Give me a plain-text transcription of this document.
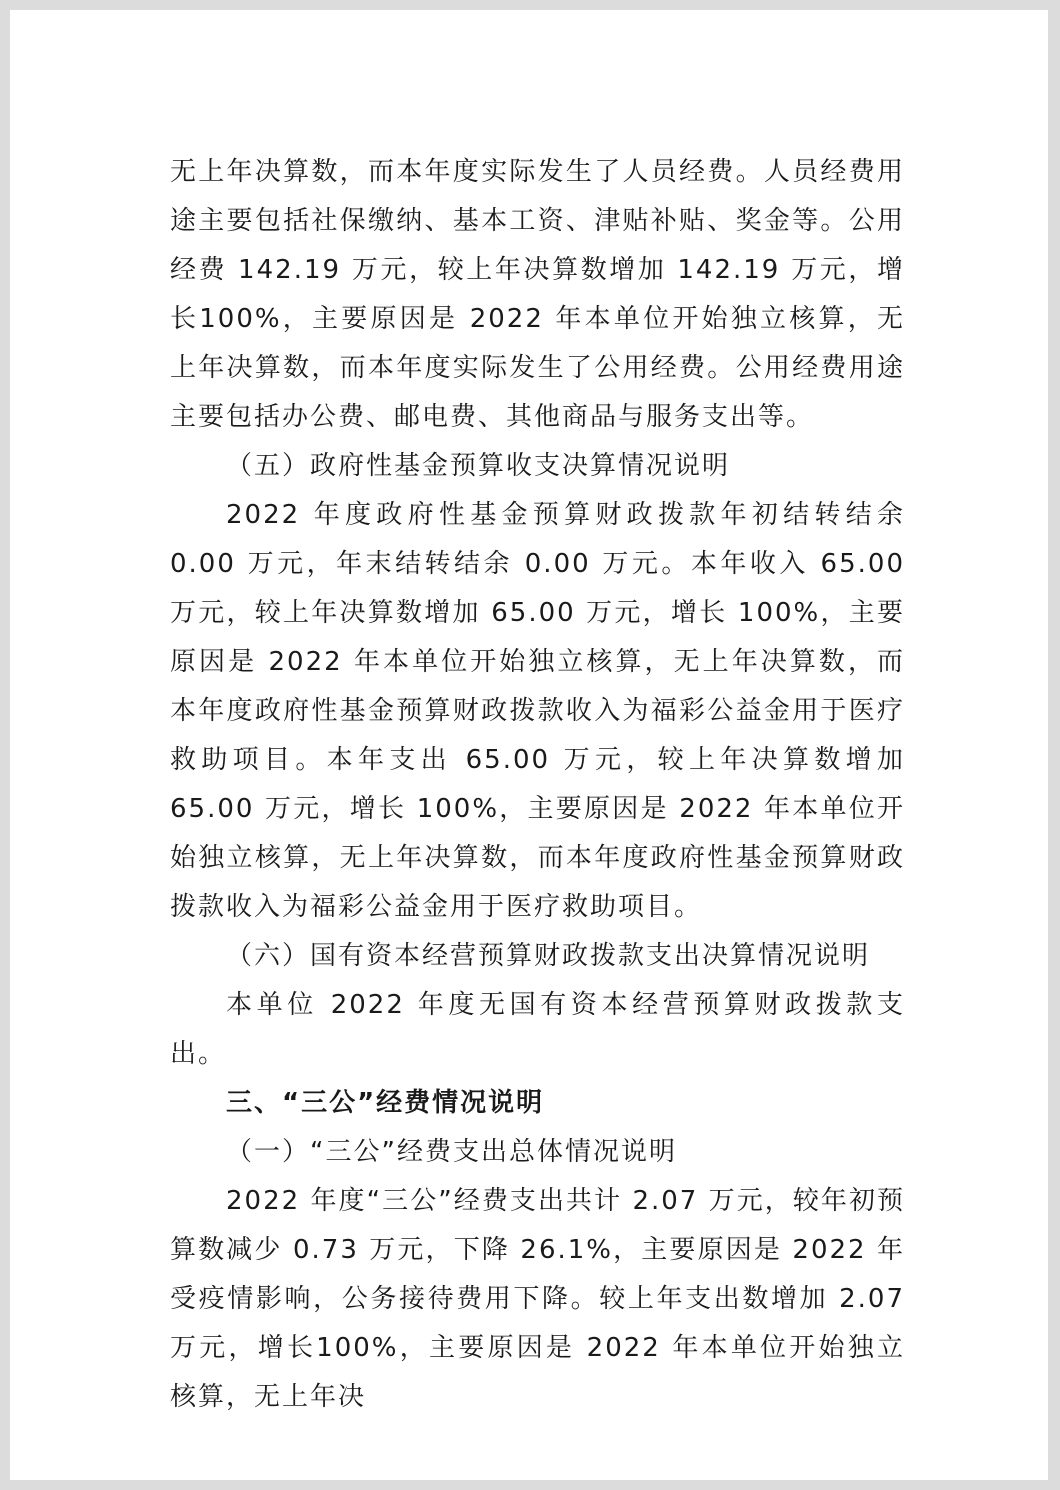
无上年决算数，而本年度实际发生了人员经费。人员经费用途主要包括社保缴纳、基本工资、津贴补贴、奖金等。公用经费 142.19 万元，较上年决算数增加 142.19 万元，增长100%，主要原因是 2022 年本单位开始独立核算，无上年决算数，而本年度实际发生了公用经费。公用经费用途主要包括办公费、邮电费、其他商品与服务支出等。

（五）政府性基金预算收支决算情况说明

2022 年度政府性基金预算财政拨款年初结转结余 0.00 万元，年末结转结余 0.00 万元。本年收入 65.00 万元，较上年决算数增加 65.00 万元，增长 100%，主要原因是 2022 年本单位开始独立核算，无上年决算数，而本年度政府性基金预算财政拨款收入为福彩公益金用于医疗救助项目。本年支出 65.00 万元，较上年决算数增加 65.00 万元，增长 100%，主要原因是 2022 年本单位开始独立核算，无上年决算数，而本年度政府性基金预算财政拨款收入为福彩公益金用于医疗救助项目。

（六）国有资本经营预算财政拨款支出决算情况说明

本单位 2022 年度无国有资本经营预算财政拨款支出。

三、“三公”经费情况说明

（一）“三公”经费支出总体情况说明

2022 年度“三公”经费支出共计 2.07 万元，较年初预算数减少 0.73 万元，下降 26.1%，主要原因是 2022 年受疫情影响，公务接待费用下降。较上年支出数增加 2.07 万元，增长100%，主要原因是 2022 年本单位开始独立核算，无上年决
